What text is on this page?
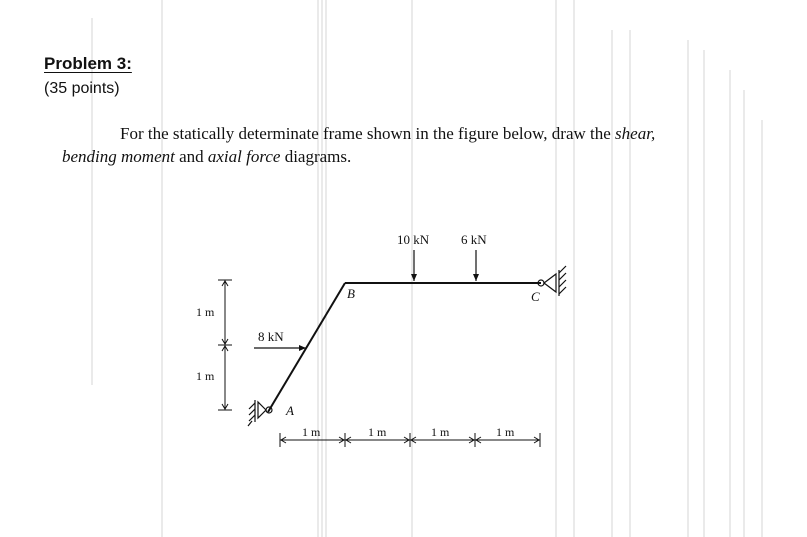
Problem 3:
(35 points)
For the statically determinate frame shown in the figure below, draw the shear,
bending moment and axial force diagrams.
10 kN 6 kN
8 kN
B	C
A
1 m
1 m
1 m	1 m	1 m	1 m
